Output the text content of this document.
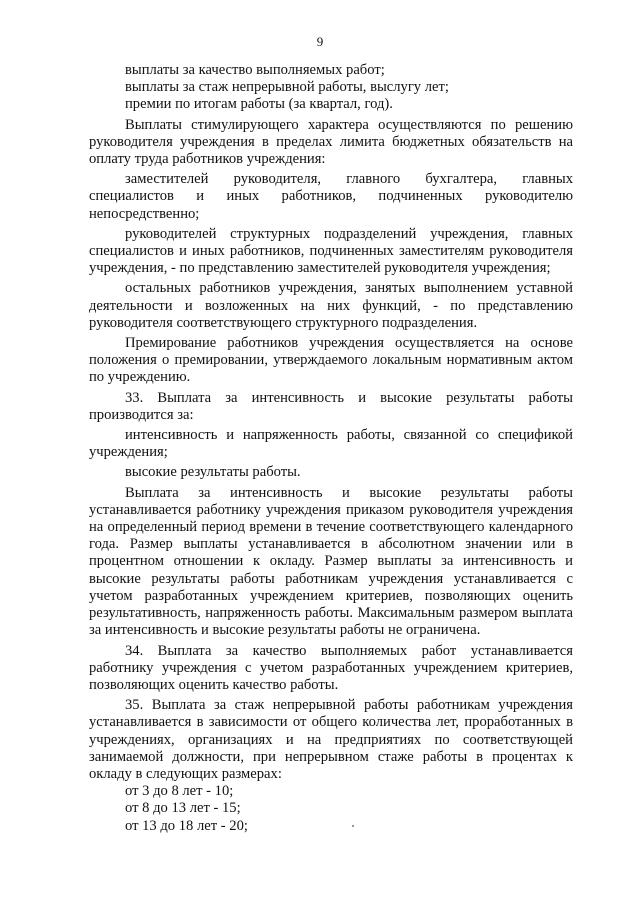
9

выплаты за качество выполняемых работ;

выплаты за стаж непрерывной работы, выслугу лет;

премии по итогам работы (за квартал, год).

Выплаты стимулирующего характера осуществляются по решению руководителя учреждения в пределах лимита бюджетных обязательств на оплату труда работников учреждения:

заместителей руководителя, главного бухгалтера, главных специалистов и иных работников, подчиненных руководителю непосредственно;

руководителей структурных подразделений учреждения, главных специалистов и иных работников, подчиненных заместителям руководителя учреждения, - по представлению заместителей руководителя учреждения;

остальных работников учреждения, занятых выполнением уставной деятельности и возложенных на них функций, - по представлению руководителя соответствующего структурного подразделения.

Премирование работников учреждения осуществляется на основе положения о премировании, утверждаемого локальным нормативным актом по учреждению.

33. Выплата за интенсивность и высокие результаты работы производится за:

интенсивность и напряженность работы, связанной со спецификой учреждения;

высокие результаты работы.

Выплата за интенсивность и высокие результаты работы устанавливается работнику учреждения приказом руководителя учреждения на определенный период времени в течение соответствующего календарного года. Размер выплаты устанавливается в абсолютном значении или в процентном отношении к окладу. Размер выплаты за интенсивность и высокие результаты работы работникам учреждения устанавливается с учетом разработанных учреждением критериев, позволяющих оценить результативность, напряженность работы. Максимальным размером выплата за интенсивность и высокие результаты работы не ограничена.

34. Выплата за качество выполняемых работ устанавливается работнику учреждения с учетом разработанных учреждением критериев, позволяющих оценить качество работы.

35. Выплата за стаж непрерывной работы работникам учреждения устанавливается в зависимости от общего количества лет, проработанных в учреждениях, организациях и на предприятиях по соответствующей занимаемой должности, при непрерывном стаже работы в процентах к окладу в следующих размерах:

от 3 до 8 лет - 10;

от 8 до 13 лет - 15;

от 13 до 18 лет - 20;
